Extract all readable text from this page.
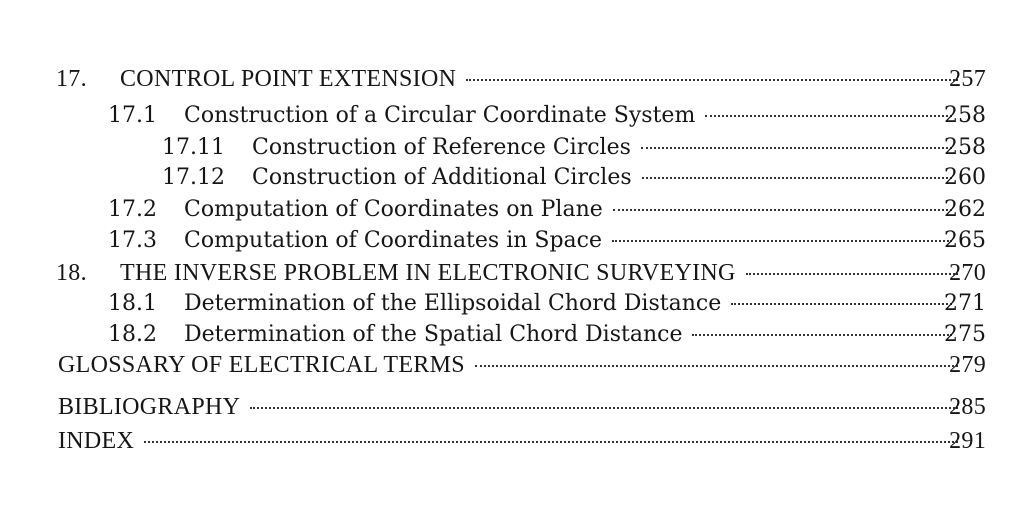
17.	CONTROL POINT EXTENSION	257
17.1	Construction of a Circular Coordinate System	258
17.11	Construction of Reference Circles	258
17.12	Construction of Additional Circles	260
17.2	Computation of Coordinates on Plane	262
17.3	Computation of Coordinates in Space	265
18.	THE INVERSE PROBLEM IN ELECTRONIC SURVEYING	270
18.1	Determination of the Ellipsoidal Chord Distance	271
18.2	Determination of the Spatial Chord Distance	275
GLOSSARY OF ELECTRICAL TERMS	279
BIBLIOGRAPHY	285
INDEX	291
